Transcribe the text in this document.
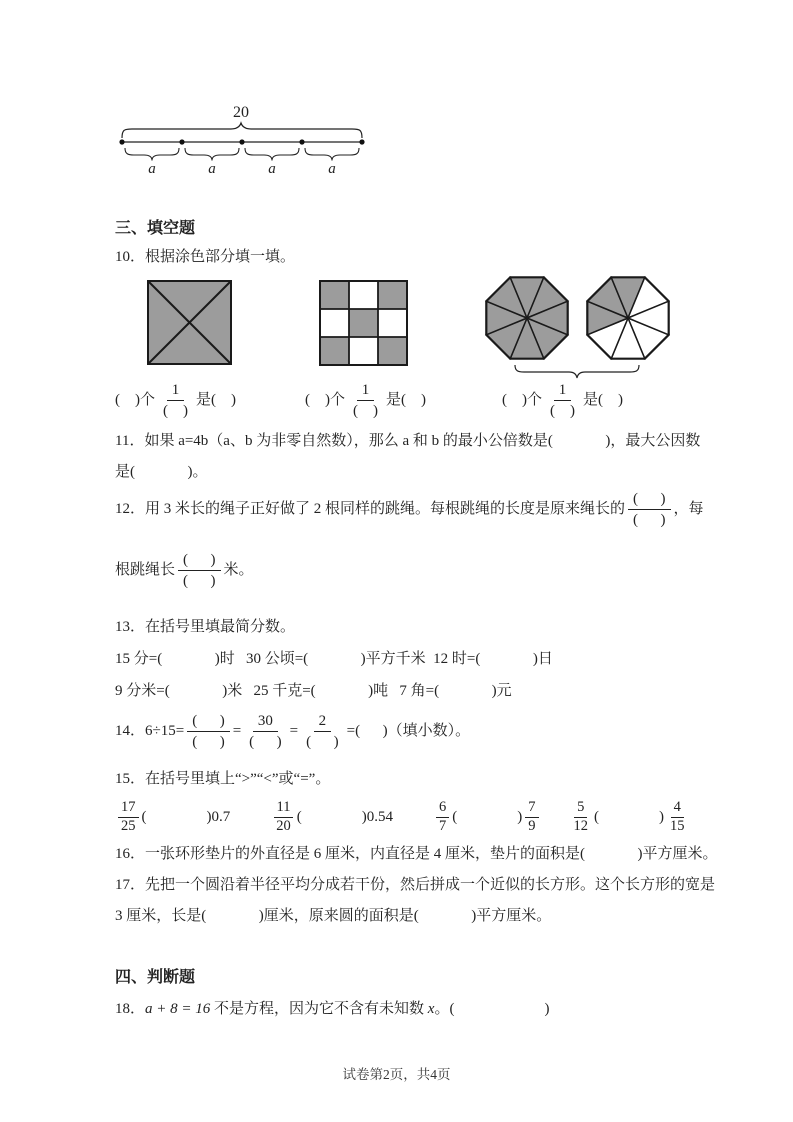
20
a	a	a	a
三、填空题
10．根据涂色部分填一填。
(    )个
1
(    )
是(    )	(    )个
1
(    )
是(    )	(    )个
1
(    )
是(    )
11．如果 a=4b（a、b 为非零自然数），那么 a 和 b 的最小公倍数是(              )，最大公因数
是(              )。
12．用 3 米长的绳子正好做了 2 根同样的跳绳。每根跳绳的长度是原来绳长的
(      )
(      )
，每
根跳绳长
(      )
(      )
米。
13．在括号里填最简分数。
15 分=(              )时   30 公顷=(              )平方千米  12 时=(              )日
9 分米=(              )米   25 千克=(              )吨   7 角=(              )元
14．6÷15=
(      )
(      )
=
30
(      )
=
2
(      )
=(      )（填小数）。
15．在括号里填上“>”“<”或“=”。
17
25
(                ) 0.7
11
20
(                ) 0.54
6
7
(                )
7
9
5
12
(                )
4
15
16．一张环形垫片的外直径是 6 厘米，内直径是 4 厘米，垫片的面积是(              )平方厘米。
17．先把一个圆沿着半径平均分成若干份，然后拼成一个近似的长方形。这个长方形的宽是
3 厘米，长是(              )厘米，原来圆的面积是(              )平方厘米。
四、判断题
18． a + 8 = 16 不是方程，因为它不含有未知数 x 。(                        )
试卷第2页，共4页
